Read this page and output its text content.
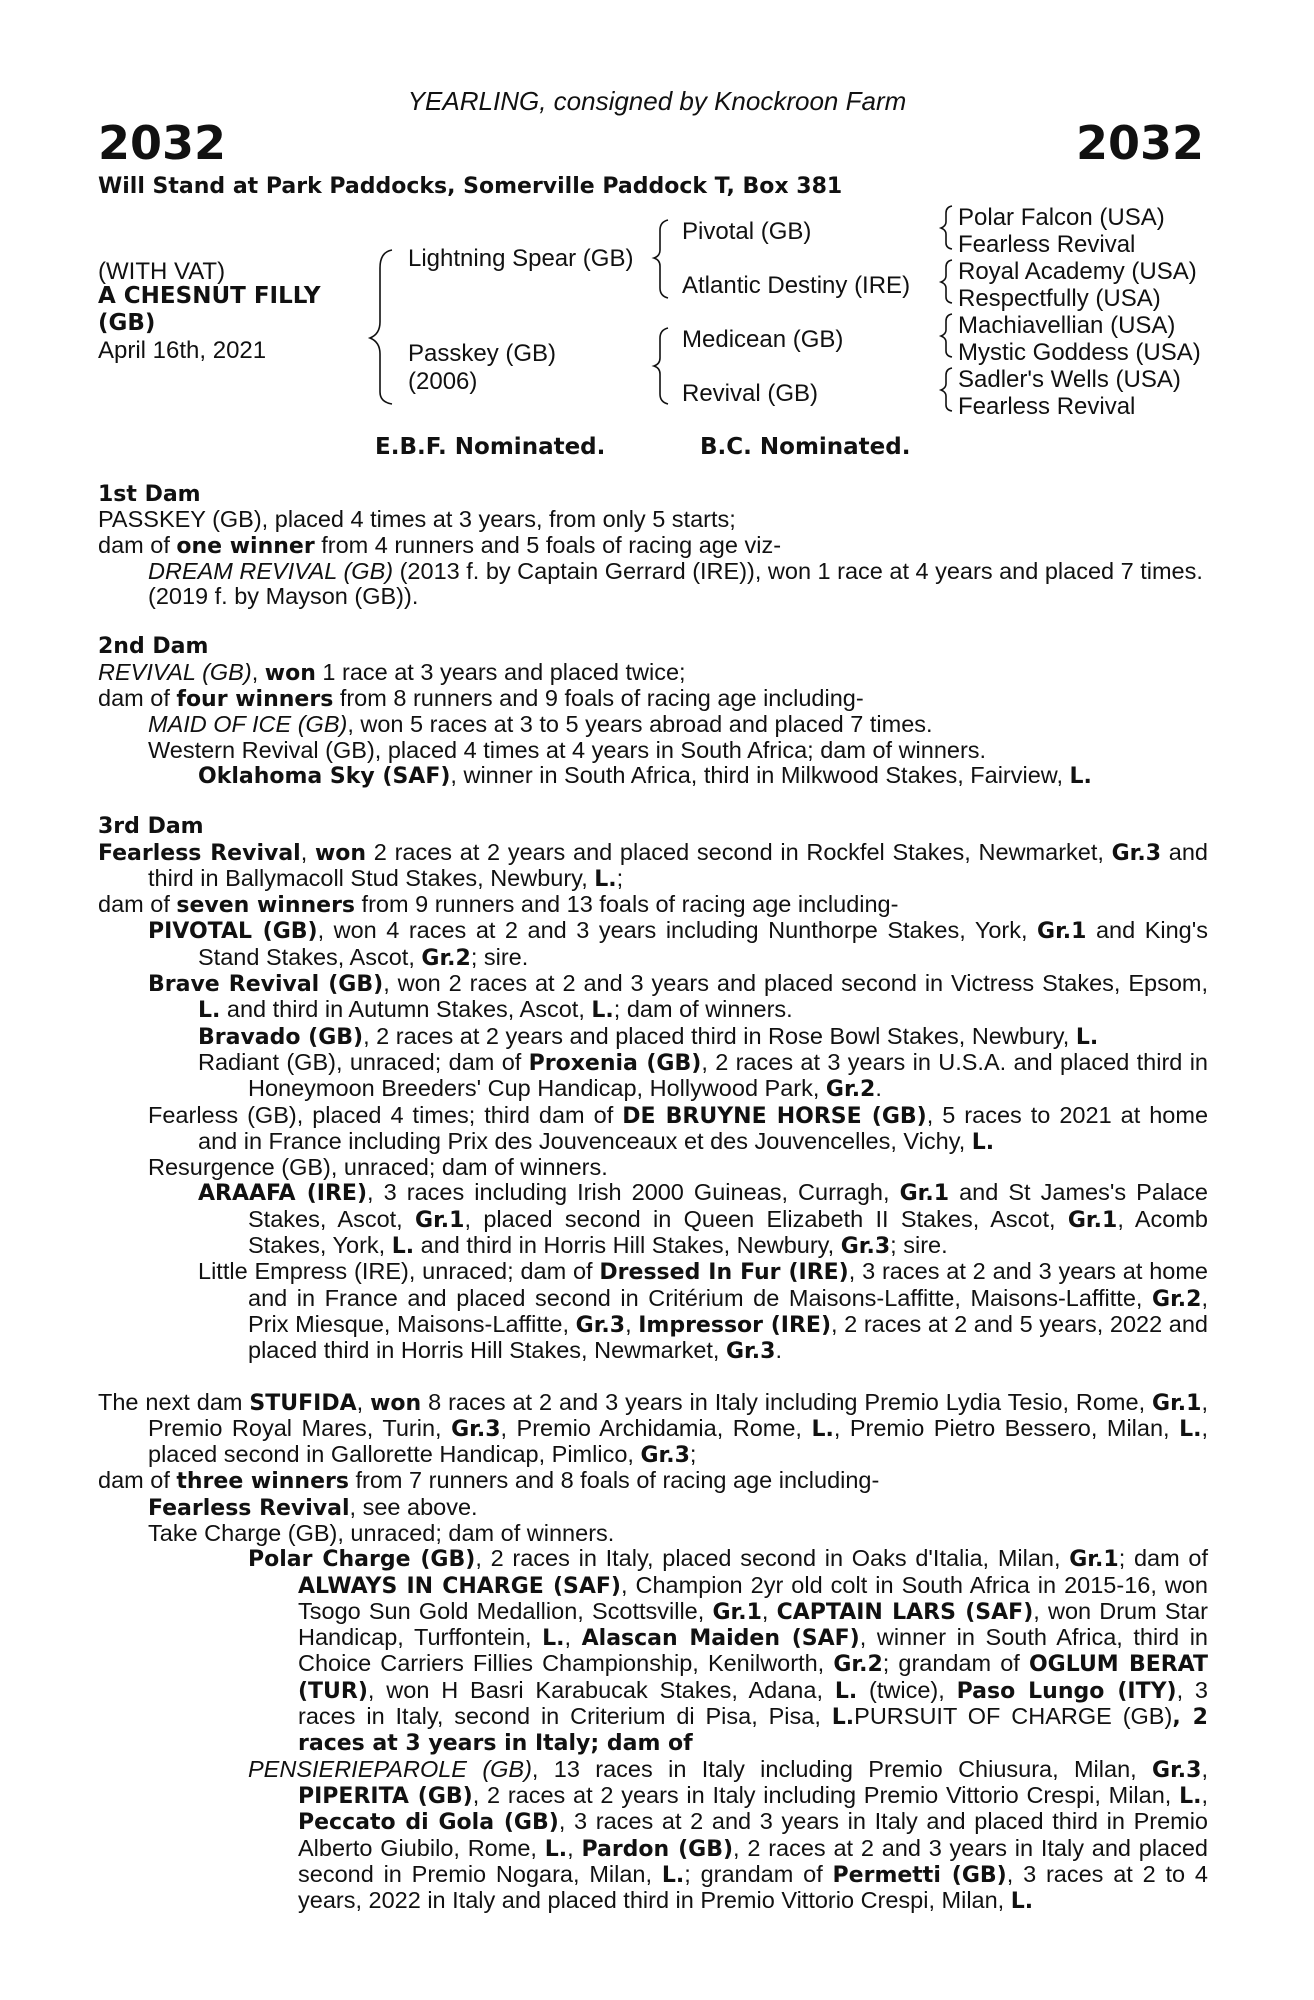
YEARLING, consigned by Knockroon Farm
2032	2032
Will Stand at Park Paddocks, Somerville Paddock T, Box 381
(WITH VAT)
A CHESNUT FILLY
(GB)
April 16th, 2021
Lightning Spear (GB)
Passkey (GB)
(2006)
Pivotal (GB)
Atlantic Destiny (IRE)
Medicean (GB)
Revival (GB)
Polar Falcon (USA)
Fearless Revival
Royal Academy (USA)
Respectfully (USA)
Machiavellian (USA)
Mystic Goddess (USA)
Sadler's Wells (USA)
Fearless Revival
E.B.F. Nominated.	B.C. Nominated.

1st Dam

PASSKEY (GB), placed 4 times at 3 years, from only 5 starts;

dam of one winner from 4 runners and 5 foals of racing age viz-

DREAM REVIVAL (GB) (2013 f. by Captain Gerrard (IRE)), won 1 race at 4 years and placed 7 times.

(2019 f. by Mayson (GB)).

2nd Dam

REVIVAL (GB), won 1 race at 3 years and placed twice;

dam of four winners from 8 runners and 9 foals of racing age including-

MAID OF ICE (GB), won 5 races at 3 to 5 years abroad and placed 7 times.

Western Revival (GB), placed 4 times at 4 years in South Africa; dam of winners.

Oklahoma Sky (SAF), winner in South Africa, third in Milkwood Stakes, Fairview, L.

3rd Dam

Fearless Revival, won 2 races at 2 years and placed second in Rockfel Stakes, Newmarket, Gr.3 and third in Ballymacoll Stud Stakes, Newbury, L.;

dam of seven winners from 9 runners and 13 foals of racing age including-

PIVOTAL (GB), won 4 races at 2 and 3 years including Nunthorpe Stakes, York, Gr.1 and King's Stand Stakes, Ascot, Gr.2; sire.

Brave Revival (GB), won 2 races at 2 and 3 years and placed second in Victress Stakes, Epsom, L. and third in Autumn Stakes, Ascot, L.; dam of winners.

Bravado (GB), 2 races at 2 years and placed third in Rose Bowl Stakes, Newbury, L.

Radiant (GB), unraced; dam of Proxenia (GB), 2 races at 3 years in U.S.A. and placed third in Honeymoon Breeders' Cup Handicap, Hollywood Park, Gr.2.

Fearless (GB), placed 4 times; third dam of DE BRUYNE HORSE (GB), 5 races to 2021 at home and in France including Prix des Jouvenceaux et des Jouvencelles, Vichy, L.

Resurgence (GB), unraced; dam of winners.

ARAAFA (IRE), 3 races including Irish 2000 Guineas, Curragh, Gr.1 and St James's Palace Stakes, Ascot, Gr.1, placed second in Queen Elizabeth II Stakes, Ascot, Gr.1, Acomb Stakes, York, L. and third in Horris Hill Stakes, Newbury, Gr.3; sire.

Little Empress (IRE), unraced; dam of Dressed In Fur (IRE), 3 races at 2 and 3 years at home and in France and placed second in Critérium de Maisons-Laffitte, Maisons-Laffitte, Gr.2, Prix Miesque, Maisons-Laffitte, Gr.3, Impressor (IRE), 2 races at 2 and 5 years, 2022 and placed third in Horris Hill Stakes, Newmarket, Gr.3.

The next dam STUFIDA, won 8 races at 2 and 3 years in Italy including Premio Lydia Tesio, Rome, Gr.1, Premio Royal Mares, Turin, Gr.3, Premio Archidamia, Rome, L., Premio Pietro Bessero, Milan, L., placed second in Gallorette Handicap, Pimlico, Gr.3;

dam of three winners from 7 runners and 8 foals of racing age including-

Fearless Revival, see above.

Take Charge (GB), unraced; dam of winners.

Polar Charge (GB), 2 races in Italy, placed second in Oaks d'Italia, Milan, Gr.1; dam of ALWAYS IN CHARGE (SAF), Champion 2yr old colt in South Africa in 2015-16, won Tsogo Sun Gold Medallion, Scottsville, Gr.1, CAPTAIN LARS (SAF), won Drum Star Handicap, Turffontein, L., Alascan Maiden (SAF), winner in South Africa, third in Choice Carriers Fillies Championship, Kenilworth, Gr.2; grandam of OGLUM BERAT (TUR), won H Basri Karabucak Stakes, Adana, L. (twice), Paso Lungo (ITY), 3 races in Italy, second in Criterium di Pisa, Pisa, L.PURSUIT OF CHARGE (GB), 2 races at 3 years in Italy; dam of

PENSIERIEPAROLE (GB), 13 races in Italy including Premio Chiusura, Milan, Gr.3, PIPERITA (GB), 2 races at 2 years in Italy including Premio Vittorio Crespi, Milan, L., Peccato di Gola (GB), 3 races at 2 and 3 years in Italy and placed third in Premio Alberto Giubilo, Rome, L., Pardon (GB), 2 races at 2 and 3 years in Italy and placed second in Premio Nogara, Milan, L.; grandam of Permetti (GB), 3 races at 2 to 4 years, 2022 in Italy and placed third in Premio Vittorio Crespi, Milan, L.
